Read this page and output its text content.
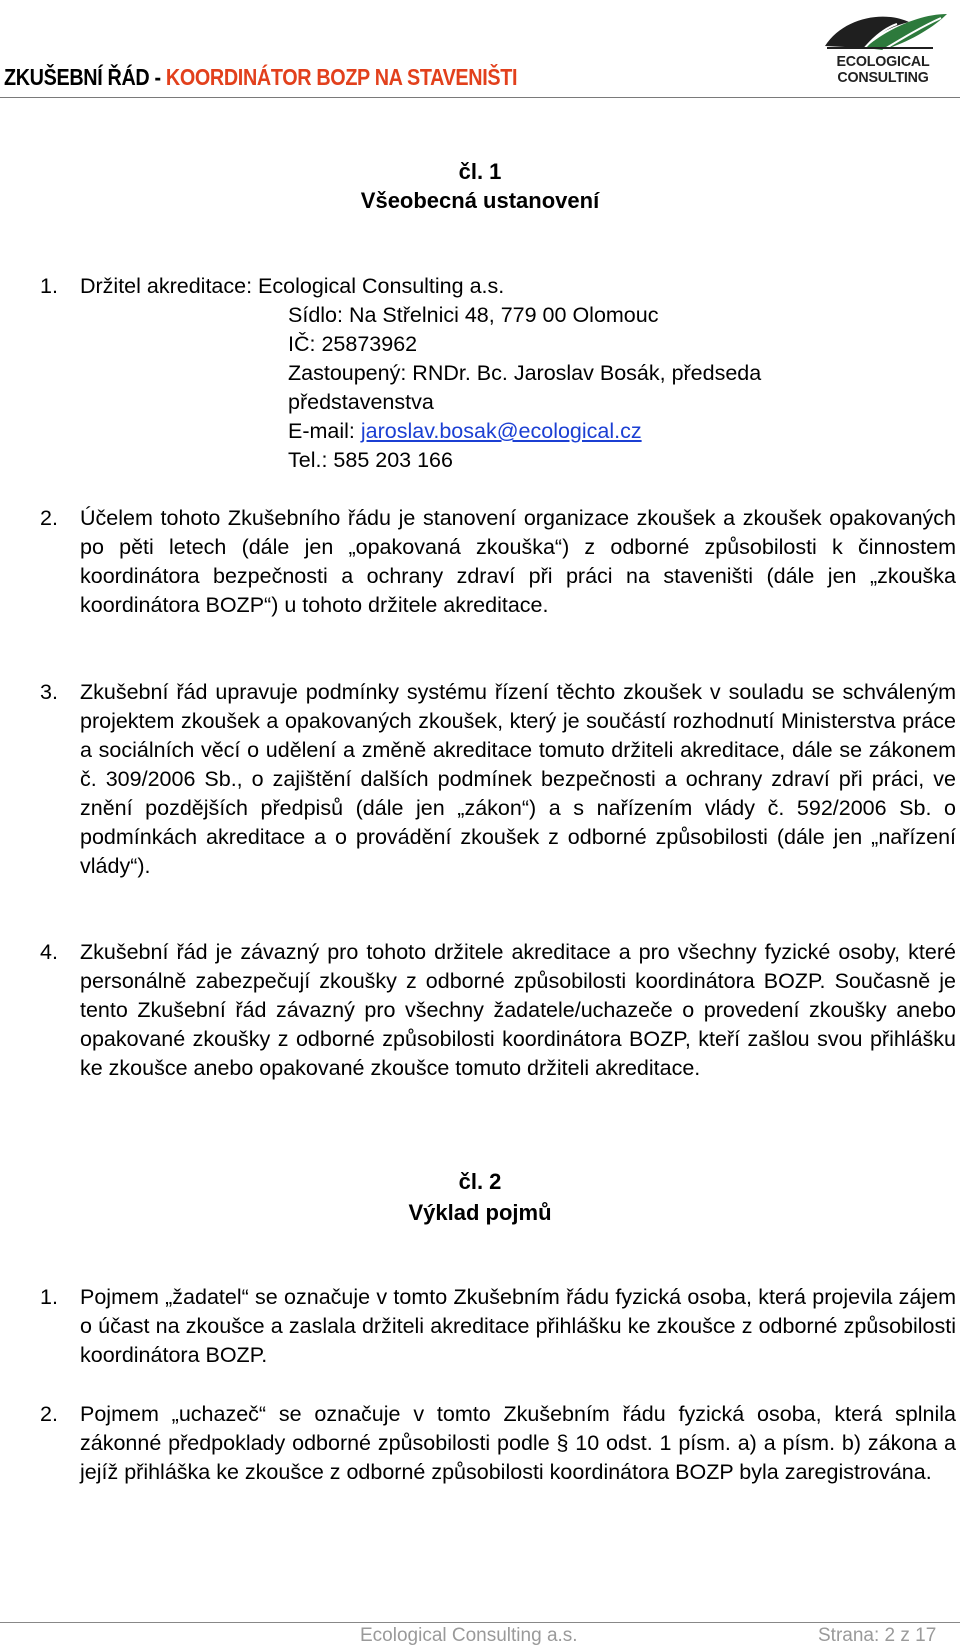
ZKUŠEBNÍ ŘÁD - KOORDINÁTOR BOZP NA STAVENIŠTI
ECOLOGICAL
CONSULTING
čl. 1
Všeobecná ustanovení
1.	Držitel akreditace: Ecological Consulting a.s.
Sídlo: Na Střelnici 48, 779 00 Olomouc
IČ: 25873962
Zastoupený: RNDr. Bc. Jaroslav Bosák, předseda
představenstva
E-mail: jaroslav.bosak@ecological.cz
Tel.: 585 203 166
2.	Účelem tohoto Zkušebního řádu je stanovení organizace zkoušek a zkoušek opakovaných po pěti letech (dále jen „opakovaná zkouška“) z odborné způsobilosti k činnostem koordinátora bezpečnosti a ochrany zdraví při práci na staveništi (dále jen „zkouška koordinátora BOZP“) u tohoto držitele akreditace.
3.	Zkušební řád upravuje podmínky systému řízení těchto zkoušek v souladu se schváleným projektem zkoušek a opakovaných zkoušek, který je součástí rozhodnutí Ministerstva práce a sociálních věcí o udělení a změně akreditace tomuto držiteli akreditace, dále se zákonem č. 309/2006 Sb., o zajištění dalších podmínek bezpečnosti a ochrany zdraví při práci, ve znění pozdějších předpisů (dále jen „zákon“) a s nařízením vlády č. 592/2006 Sb. o podmínkách akreditace a o provádění zkoušek z odborné způsobilosti (dále jen „nařízení vlády“).
4.	Zkušební řád je závazný pro tohoto držitele akreditace a pro všechny fyzické osoby, které personálně zabezpečují zkoušky z odborné způsobilosti koordinátora BOZP. Současně je tento Zkušební řád závazný pro všechny žadatele/uchazeče o provedení zkoušky anebo opakované zkoušky z odborné způsobilosti koordinátora BOZP, kteří zašlou svou přihlášku ke zkoušce anebo opakované zkoušce tomuto držiteli akreditace.
čl. 2
Výklad pojmů
1.	Pojmem „žadatel“ se označuje v tomto Zkušebním řádu fyzická osoba, která projevila zájem o účast na zkoušce a zaslala držiteli akreditace přihlášku ke zkoušce z odborné způsobilosti koordinátora BOZP.
2.	Pojmem „uchazeč“ se označuje v tomto Zkušebním řádu fyzická osoba, která splnila zákonné předpoklady odborné způsobilosti podle § 10 odst. 1 písm. a) a písm. b) zákona a jejíž přihláška ke zkoušce z odborné způsobilosti koordinátora BOZP byla zaregistrována.
Ecological Consulting a.s.	Strana: 2 z 17
